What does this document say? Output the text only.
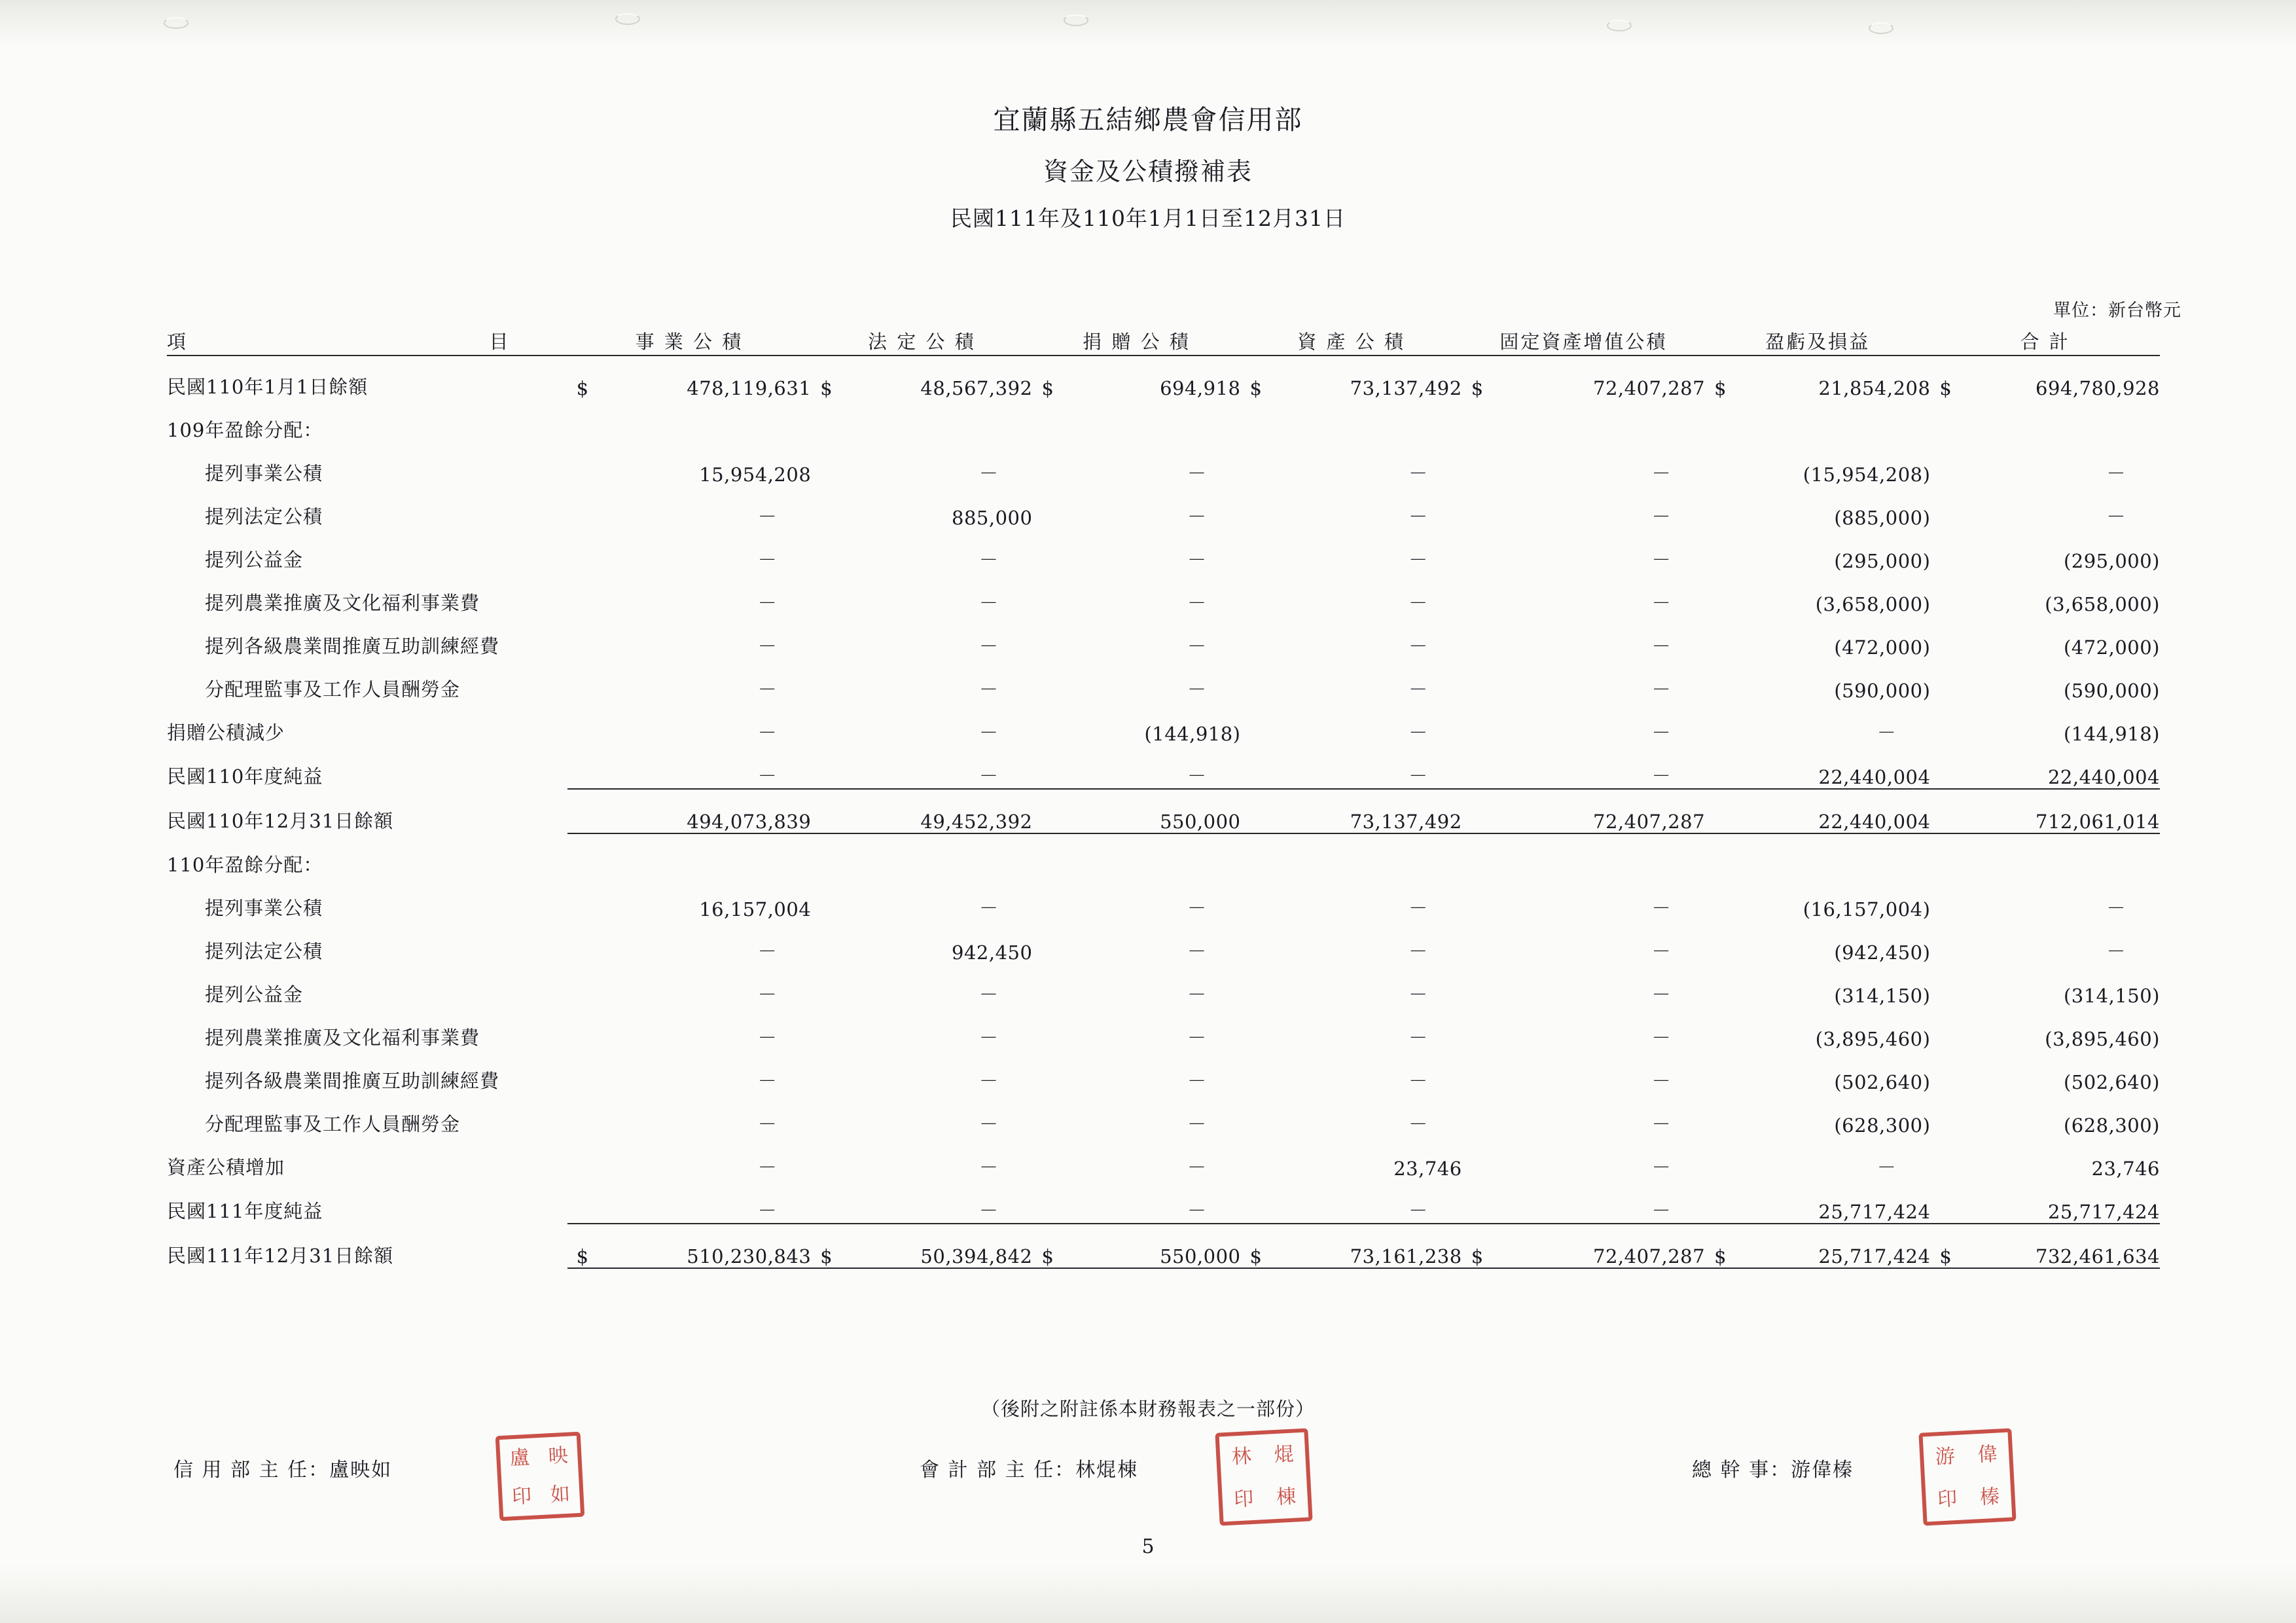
宜蘭縣五結鄉農會信用部
資金及公積撥補表
民國111年及110年1月1日至12月31日
單位：新台幣元
項 目	事 業 公 積	法 定 公 積	捐 贈 公 積	資 產 公 積	固定資產增值公積	盈虧及損益	合 計

民國110年1月1日餘額	$ 478,119,631	$ 48,567,392	$ 694,918	$ 73,137,492	$ 72,407,287	$ 21,854,208	$ 694,780,928
109年盈餘分配：							
提列事業公積	15,954,208	－	－	－	－	(15,954,208)	－
提列法定公積	－	885,000	－	－	－	(885,000)	－
提列公益金	－	－	－	－	－	(295,000)	(295,000)
提列農業推廣及文化福利事業費	－	－	－	－	－	(3,658,000)	(3,658,000)
提列各級農業間推廣互助訓練經費	－	－	－	－	－	(472,000)	(472,000)
分配理監事及工作人員酬勞金	－	－	－	－	－	(590,000)	(590,000)
捐贈公積減少	－	－	(144,918)	－	－	－	(144,918)
民國110年度純益	－	－	－	－	－	22,440,004	22,440,004
民國110年12月31日餘額	494,073,839	49,452,392	550,000	73,137,492	72,407,287	22,440,004	712,061,014
110年盈餘分配：							
提列事業公積	16,157,004	－	－	－	－	(16,157,004)	－
提列法定公積	－	942,450	－	－	－	(942,450)	－
提列公益金	－	－	－	－	－	(314,150)	(314,150)
提列農業推廣及文化福利事業費	－	－	－	－	－	(3,895,460)	(3,895,460)
提列各級農業間推廣互助訓練經費	－	－	－	－	－	(502,640)	(502,640)
分配理監事及工作人員酬勞金	－	－	－	－	－	(628,300)	(628,300)
資產公積增加	－	－	－	23,746	－	－	23,746
民國111年度純益	－	－	－	－	－	25,717,424	25,717,424
民國111年12月31日餘額	$ 510,230,843	$ 50,394,842	$ 550,000	$ 73,161,238	$ 72,407,287	$ 25,717,424	$ 732,461,634
（後附之附註係本財務報表之一部份）
信 用 部 主 任：盧映如	會 計 部 主 任：林焜棟	總 幹 事：游偉榛
盧 映
印 如
林 焜
印 棟
游 偉
印 榛
5
